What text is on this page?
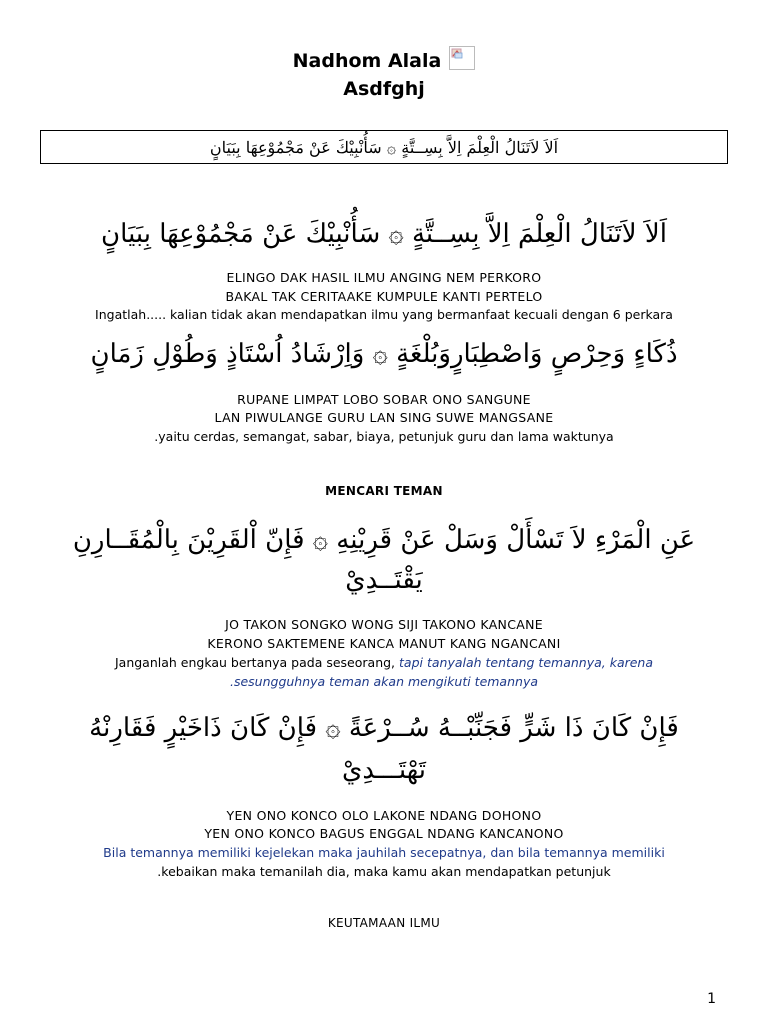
Nadhom Alala
Asdfghj
اَلاَ لاَتَنَالُ الْعِلْمَ اِلاَّ بِسِــتَّةٍ ۞ سَأُنْبِيْكَ عَنْ مَجْمُوْعِهَا بِبَيَانٍ
اَلاَ لاَتَنَالُ الْعِلْمَ اِلاَّ بِسِــتَّةٍ ۞ سَأُنْبِيْكَ عَنْ مَجْمُوْعِهَا بِبَيَانٍ
ELINGO DAK HASIL ILMU ANGING NEM PERKORO
BAKAL TAK CERITAAKE KUMPULE KANTI PERTELO
Ingatlah..... kalian tidak akan mendapatkan ilmu yang bermanfaat kecuali dengan 6 perkara
ذُكَاءٍ وَحِرْصٍ وَاصْطِبَارٍوَبُلْغَةٍ ۞ وَاِرْشَادُ اُسْتَاذٍ وَطُوْلِ زَمَانٍ
RUPANE LIMPAT LOBO SOBAR ONO SANGUNE
LAN PIWULANGE GURU LAN SING SUWE MANGSANE
.yaitu cerdas, semangat, sabar, biaya, petunjuk guru dan lama waktunya
MENCARI TEMAN
عَنِ الْمَرْءِ لاَ تَسْأَلْ وَسَلْ عَنْ قَرِيْنِهِ ۞ فَإِنّ اْلقَرِيْنَ بِالْمُقَــارِنِ
يَقْتَــدِيْ
JO TAKON SONGKO WONG SIJI TAKONO KANCANE
KERONO SAKTEMENE KANCA MANUT KANG NGANCANI
Janganlah engkau bertanya pada seseorang, tapi tanyalah tentang temannya, karena
.sesungguhnya teman akan mengikuti temannya
فَإِنْ كَانَ ذَا شَرٍّ فَجَنِّبْــهُ سُــرْعَةً ۞ فَإِنْ كَانَ ذَاخَيْرٍ فَقَارِنْهُ
تَهْتَـــدِيْ
YEN ONO KONCO OLO LAKONE NDANG DOHONO
YEN ONO KONCO BAGUS ENGGAL NDANG KANCANONO
Bila temannya memiliki kejelekan maka jauhilah secepatnya, dan bila temannya memiliki
.kebaikan maka temanilah dia, maka kamu akan mendapatkan petunjuk
KEUTAMAAN ILMU
1
